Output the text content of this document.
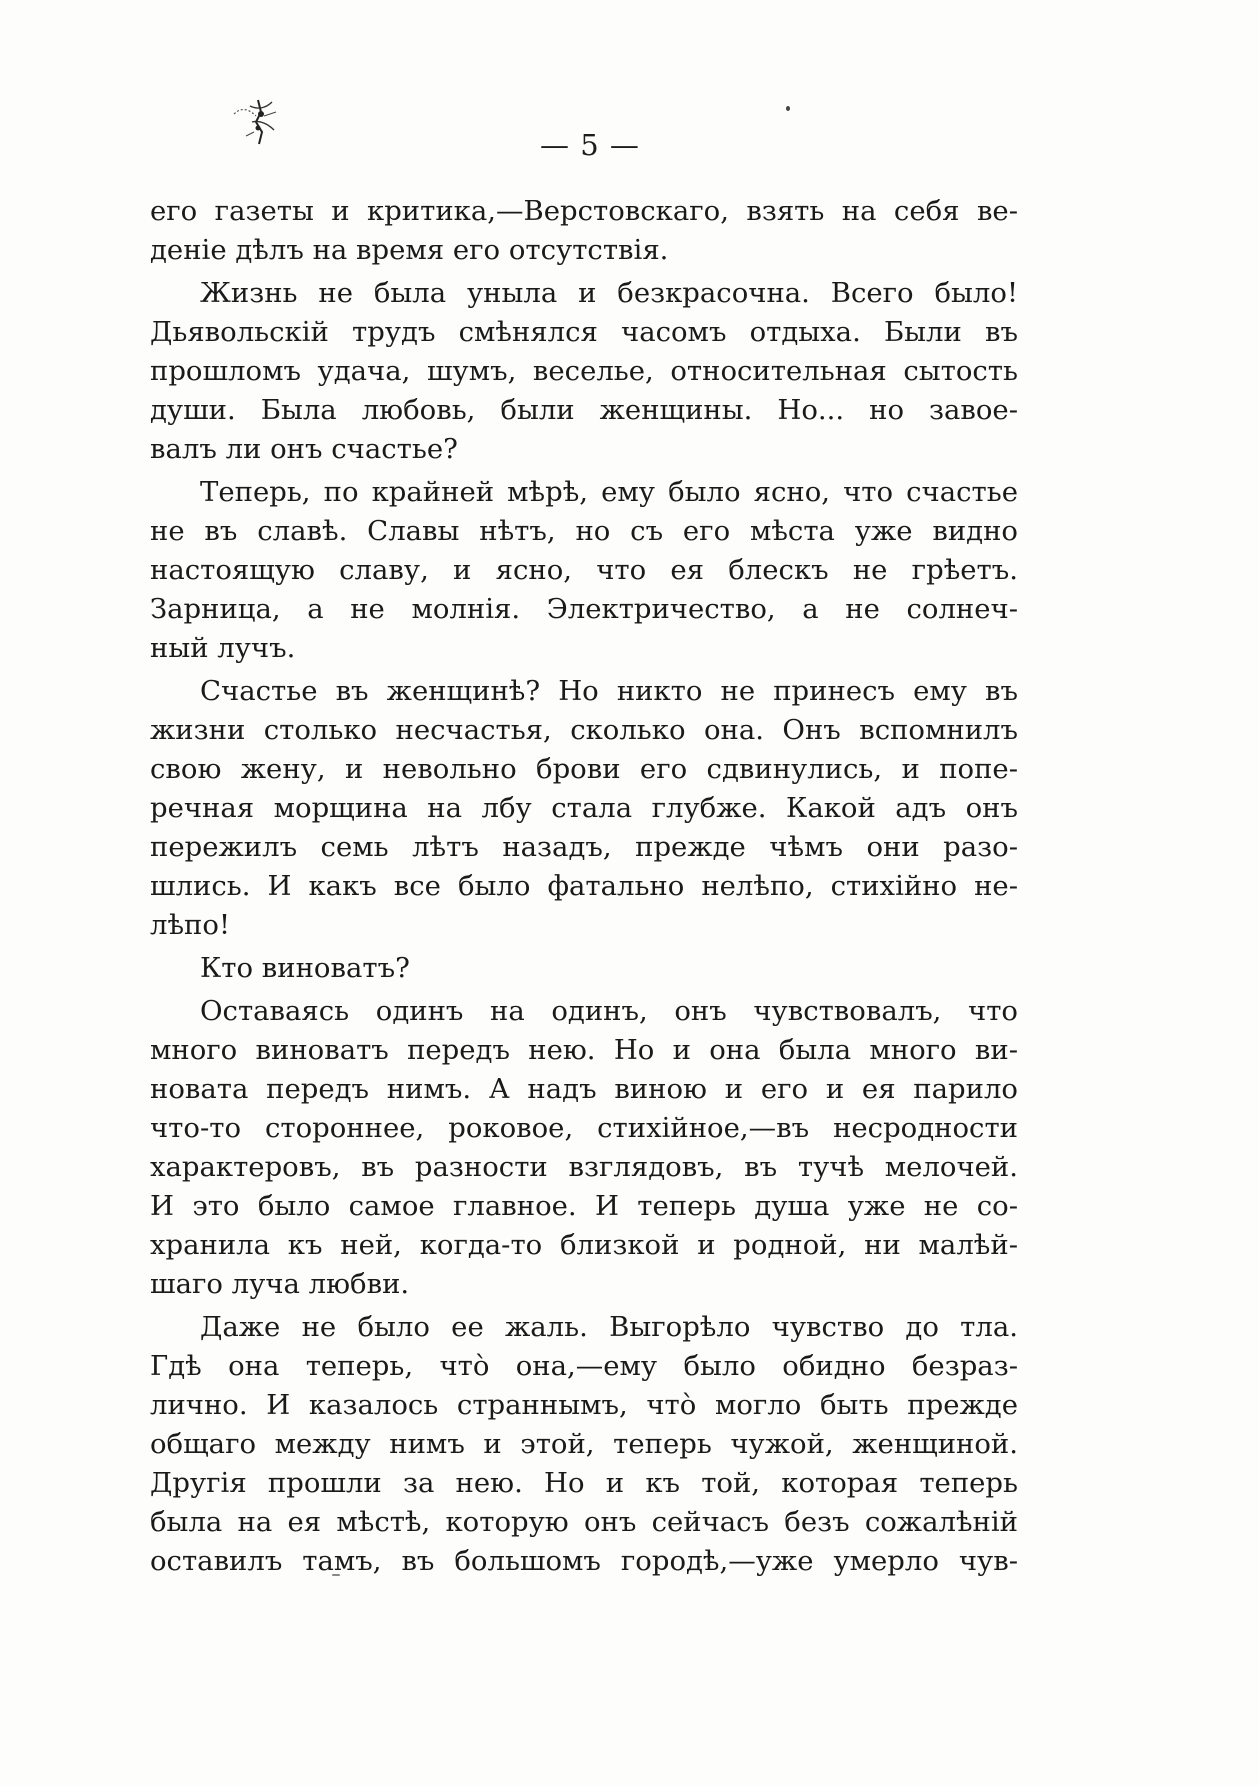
— 5 —
его газеты и критика,—Верстовскаго, взять на себя ве-
деніе дѣлъ на время его отсутствія.
Жизнь не была уныла и безкрасочна. Всего было!
Дьявольскій трудъ смѣнялся часомъ отдыха. Были въ
прошломъ удача, шумъ, веселье, относительная сытость
души. Была любовь, были женщины. Но... но завое-
валъ ли онъ счастье?
Теперь, по крайней мѣрѣ, ему было ясно, что счастье
не въ славѣ. Славы нѣтъ, но съ его мѣста уже видно
настоящую славу, и ясно, что ея блескъ не грѣетъ.
Зарница, а не молнія. Электричество, а не солнеч-
ный лучъ.
Счастье въ женщинѣ? Но никто не принесъ ему въ
жизни столько несчастья, сколько она. Онъ вспомнилъ
свою жену, и невольно брови его сдвинулись, и попе-
речная морщина на лбу стала глубже. Какой адъ онъ
пережилъ семь лѣтъ назадъ, прежде чѣмъ они разо-
шлись. И какъ все было фатально нелѣпо, стихійно не-
лѣпо!
Кто виноватъ?
Оставаясь одинъ на одинъ, онъ чувствовалъ, что
много виноватъ передъ нею. Но и она была много ви-
новата передъ нимъ. А надъ виною и его и ея парило
что-то стороннее, роковое, стихійное,—въ несродности
характеровъ, въ разности взглядовъ, въ тучѣ мелочей.
И это было самое главное. И теперь душа уже не со-
хранила къ ней, когда-то близкой и родной, ни малѣй-
шаго луча любви.
Даже не было ее жаль. Выгорѣло чувство до тла.
Гдѣ она теперь, что̀ она,—ему было обидно безраз-
лично. И казалось страннымъ, что̀ могло быть прежде
общаго между нимъ и этой, теперь чужой, женщиной.
Другія прошли за нею. Но и къ той, которая теперь
была на ея мѣстѣ, которую онъ сейчасъ безъ сожалѣній
оставилъ тамъ, въ большомъ городѣ,—уже умерло чув-
